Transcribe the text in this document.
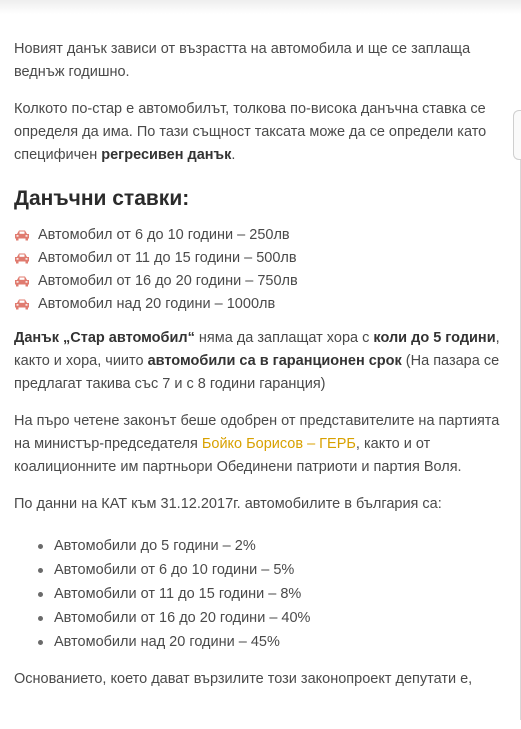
Новият данък зависи от възрастта на автомобила и ще се заплаща веднъж годишно.

Колкото по-стар е автомобилът, толкова по-висока данъчна ставка се определя да има. По тази същност таксата може да се определи като специфичен регресивен данък.

Данъчни ставки:
Автомобил от 6 до 10 години – 250лв
Автомобил от 11 до 15 години – 500лв
Автомобил от 16 до 20 години – 750лв
Автомобил над 20 години – 1000лв

Данък „Стар автомобил“ няма да заплащат хора с коли до 5 години, както и хора, чиито автомобили са в гаранционен срок (На пазара се предлагат такива със 7 и с 8 години гаранция)

На пъро четене законът беше одобрен от представителите на партията на министър-председателя Бойко Борисов – ГЕРБ, както и от коалиционните им партньори Обединени патриоти и партия Воля.

По данни на КАТ към 31.12.2017г. автомобилите в българия са:

Автомобили до 5 години – 2%
Автомобили от 6 до 10 години – 5%
Автомобили от 11 до 15 години – 8%
Автомобили от 16 до 20 години – 40%
Автомобили над 20 години – 45%

Основанието, което дават вързилите този законопроект депутати е,
